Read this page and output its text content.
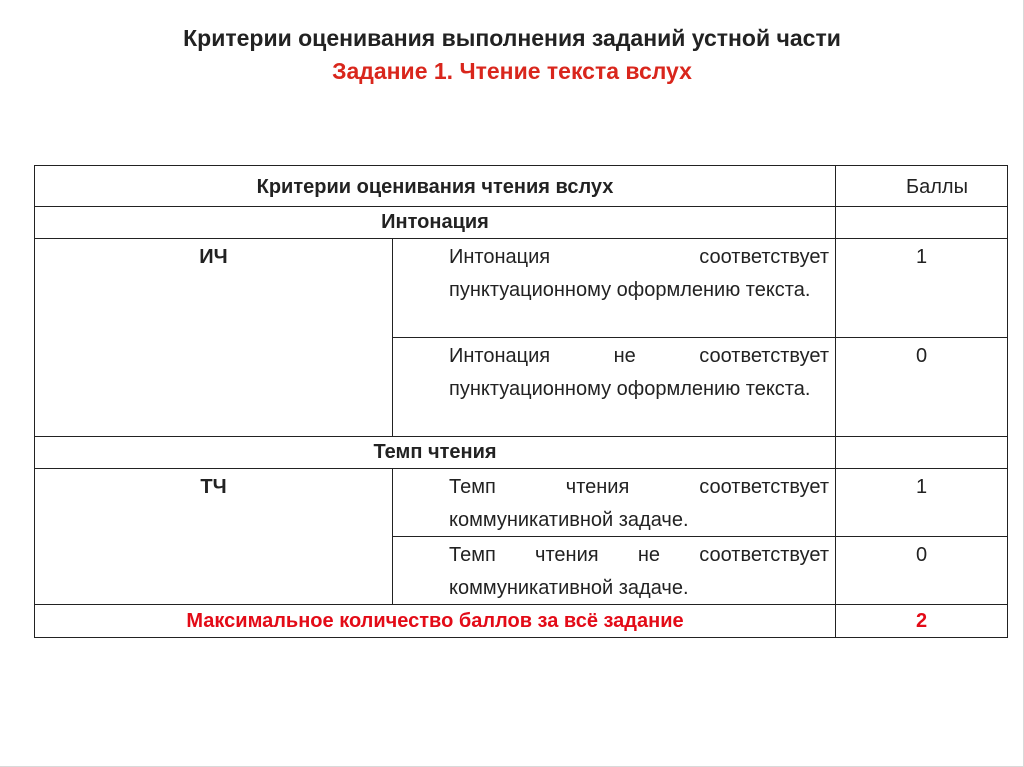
Критерии оценивания выполнения заданий устной части
Задание 1. Чтение текста вслух
Критерии оценивания чтения вслух		Баллы
Интонация		
ИЧ	Интонация соответствует пунктуационному оформлению текста.	1
	Интонация не соответствует пунктуационному оформлению текста.	0
Темп чтения		
ТЧ	Темп чтения соответствует коммуникативной задаче.	1
	Темп чтения не соответствует коммуникативной задаче.	0
Максимальное количество баллов за всё задание		2
